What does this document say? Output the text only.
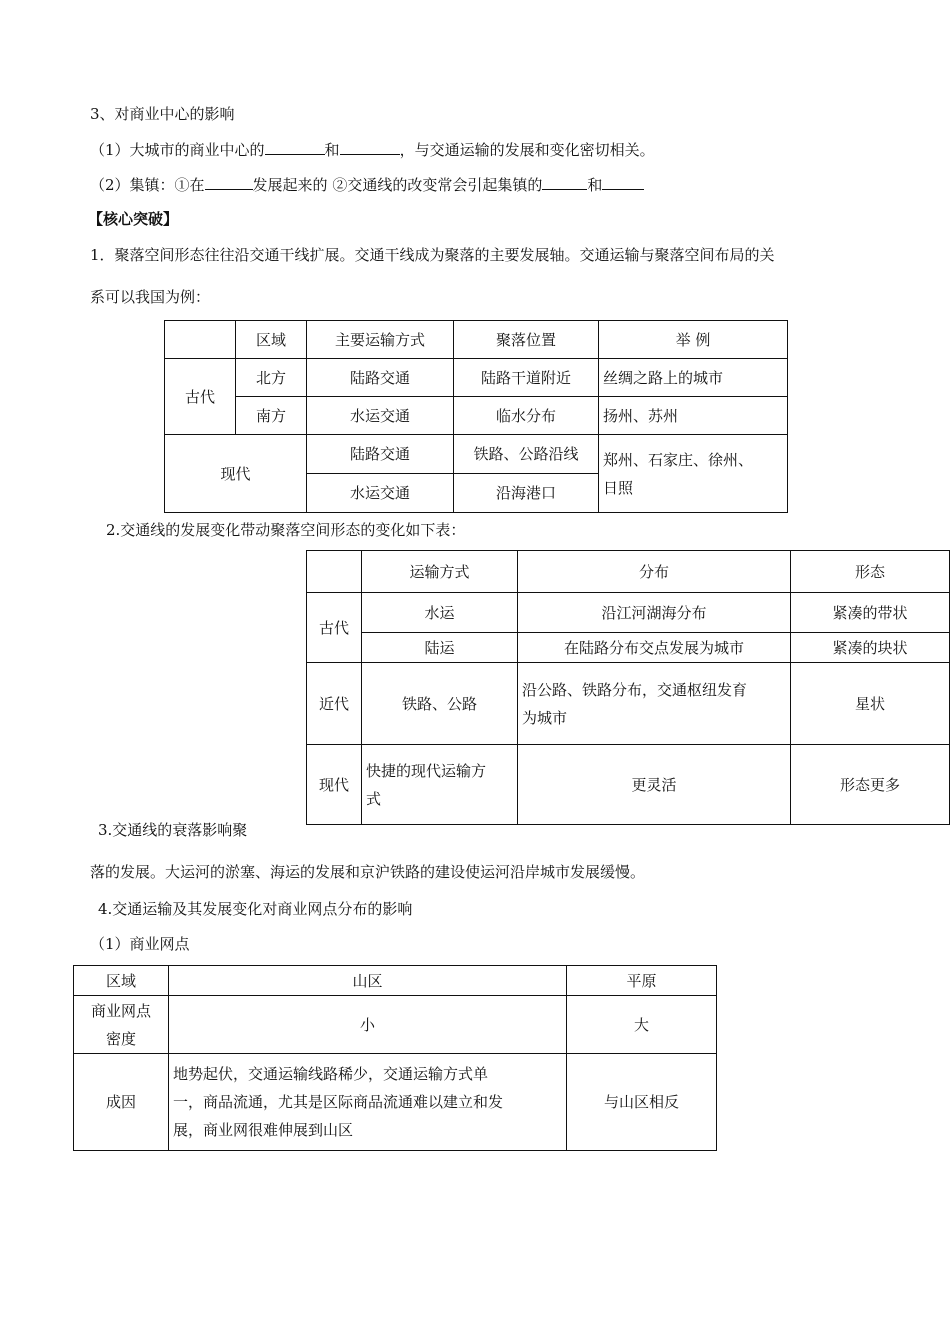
3、对商业中心的影响
（1）大城市的商业中心的	和	，与交通运输的发展和变化密切相关。
（2）集镇：①在	发展起来的 ②交通线的改变常会引起集镇的	和
【核心突破】
1．聚落空间形态往往沿交通干线扩展。交通干线成为聚落的主要发展轴。交通运输与聚落空间布局的关
系可以我国为例：
	区域	主要运输方式	聚落位置	举 例
古代	北方	陆路交通	陆路干道附近	丝绸之路上的城市
	南方	水运交通	临水分布	扬州、苏州
现代		陆路交通	铁路、公路沿线	郑州、石家庄、徐州、
日照

		水运交通	沿海港口	
2.交通线的发展变化带动聚落空间形态的变化如下表：
	运输方式	分布	形态
古代	水运	沿江河湖海分布	紧凑的带状
	陆运	在陆路分布交点发展为城市	紧凑的块状
近代	铁路、公路	沿公路、铁路分布，交通枢纽发育
为城市	星状
现代	快捷的现代运输方
式	更灵活	形态更多
3.交通线的衰落影响聚
落的发展。大运河的淤塞、海运的发展和京沪铁路的建设使运河沿岸城市发展缓慢。
4.交通运输及其发展变化对商业网点分布的影响
（1）商业网点
区域	山区	平原

商业网点
密度	小	大
成因	地势起伏，交通运输线路稀少，交通运输方式单
一，商品流通，尤其是区际商品流通难以建立和发
展，商业网很难伸展到山区	与山区相反
